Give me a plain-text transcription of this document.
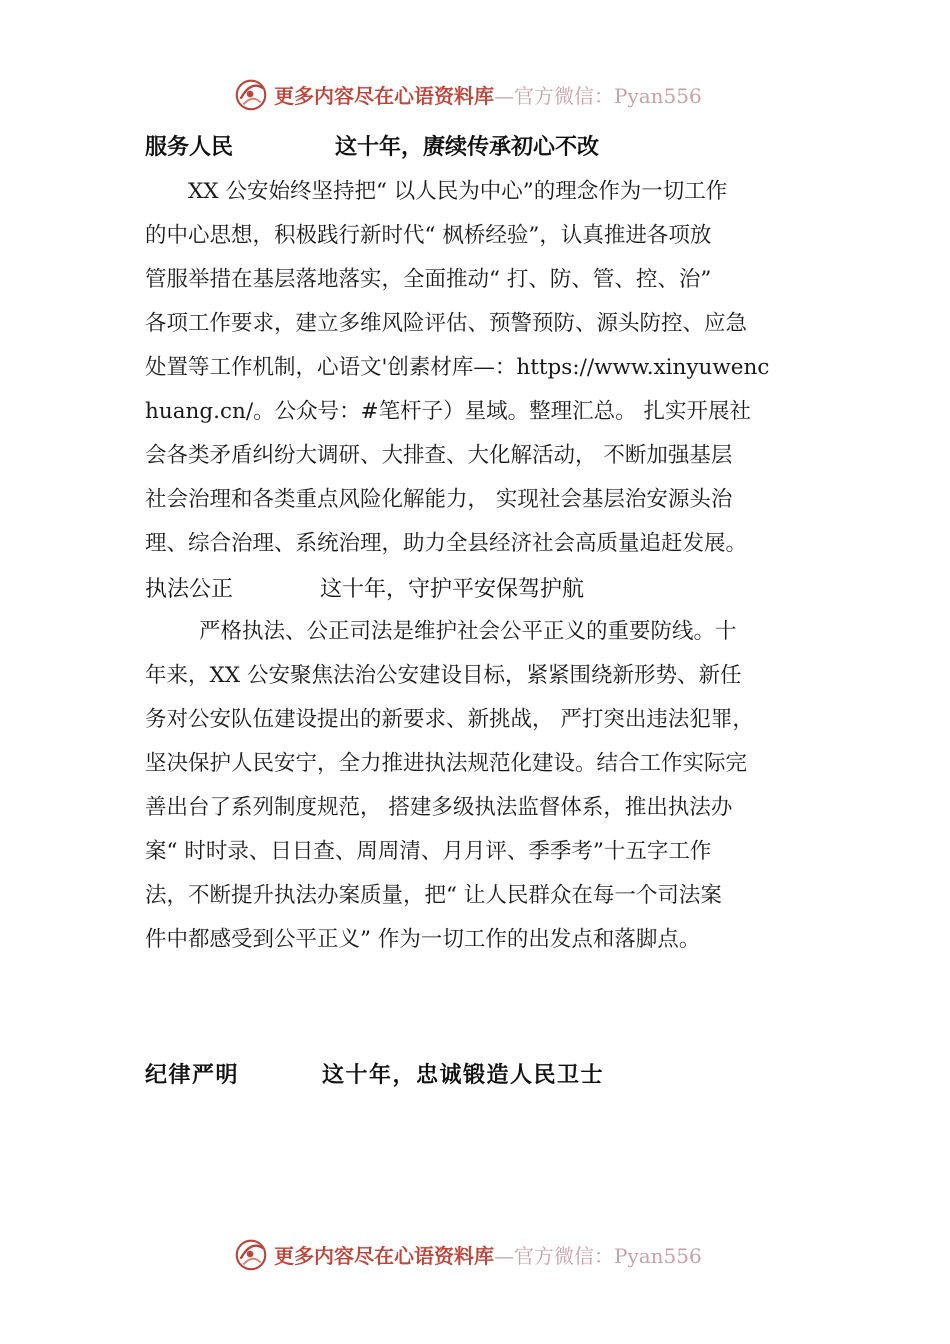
更多内容尽在心语资料库 —官方微信：Pyan556
服务人民	这十年，赓续传承初心不改
XX 公安始终坚持把“ 以人民为中心”的理念作为一切工作
的中心思想，积极践行新时代“ 枫桥经验”，认真推进各项放
管服举措在基层落地落实，全面推动“ 打、防、管、控、治”
各项工作要求，建立多维风险评估、预警预防、源头防控、应急
处置等工作机制，心语文'创素材库—：https://www.xinyuwenc
huang.cn/。公众号：#笔杆子）星域。整理汇总。 扎实开展社
会各类矛盾纠纷大调研、大排查、大化解活动， 不断加强基层
社会治理和各类重点风险化解能力， 实现社会基层治安源头治
理、综合治理、系统治理，助力全县经济社会高质量追赶发展。
执法公正	这十年，守护平安保驾护航
严格执法、公正司法是维护社会公平正义的重要防线。十
年来，XX 公安聚焦法治公安建设目标，紧紧围绕新形势、新任
务对公安队伍建设提出的新要求、新挑战， 严打突出违法犯罪，
坚决保护人民安宁，全力推进执法规范化建设。结合工作实际完
善出台了系列制度规范， 搭建多级执法监督体系，推出执法办
案“ 时时录、日日查、周周清、月月评、季季考”十五字工作
法，不断提升执法办案质量，把“ 让人民群众在每一个司法案
件中都感受到公平正义” 作为一切工作的出发点和落脚点。
纪律严明	这十年，忠诚锻造人民卫士
更多内容尽在心语资料库 —官方微信：Pyan556
